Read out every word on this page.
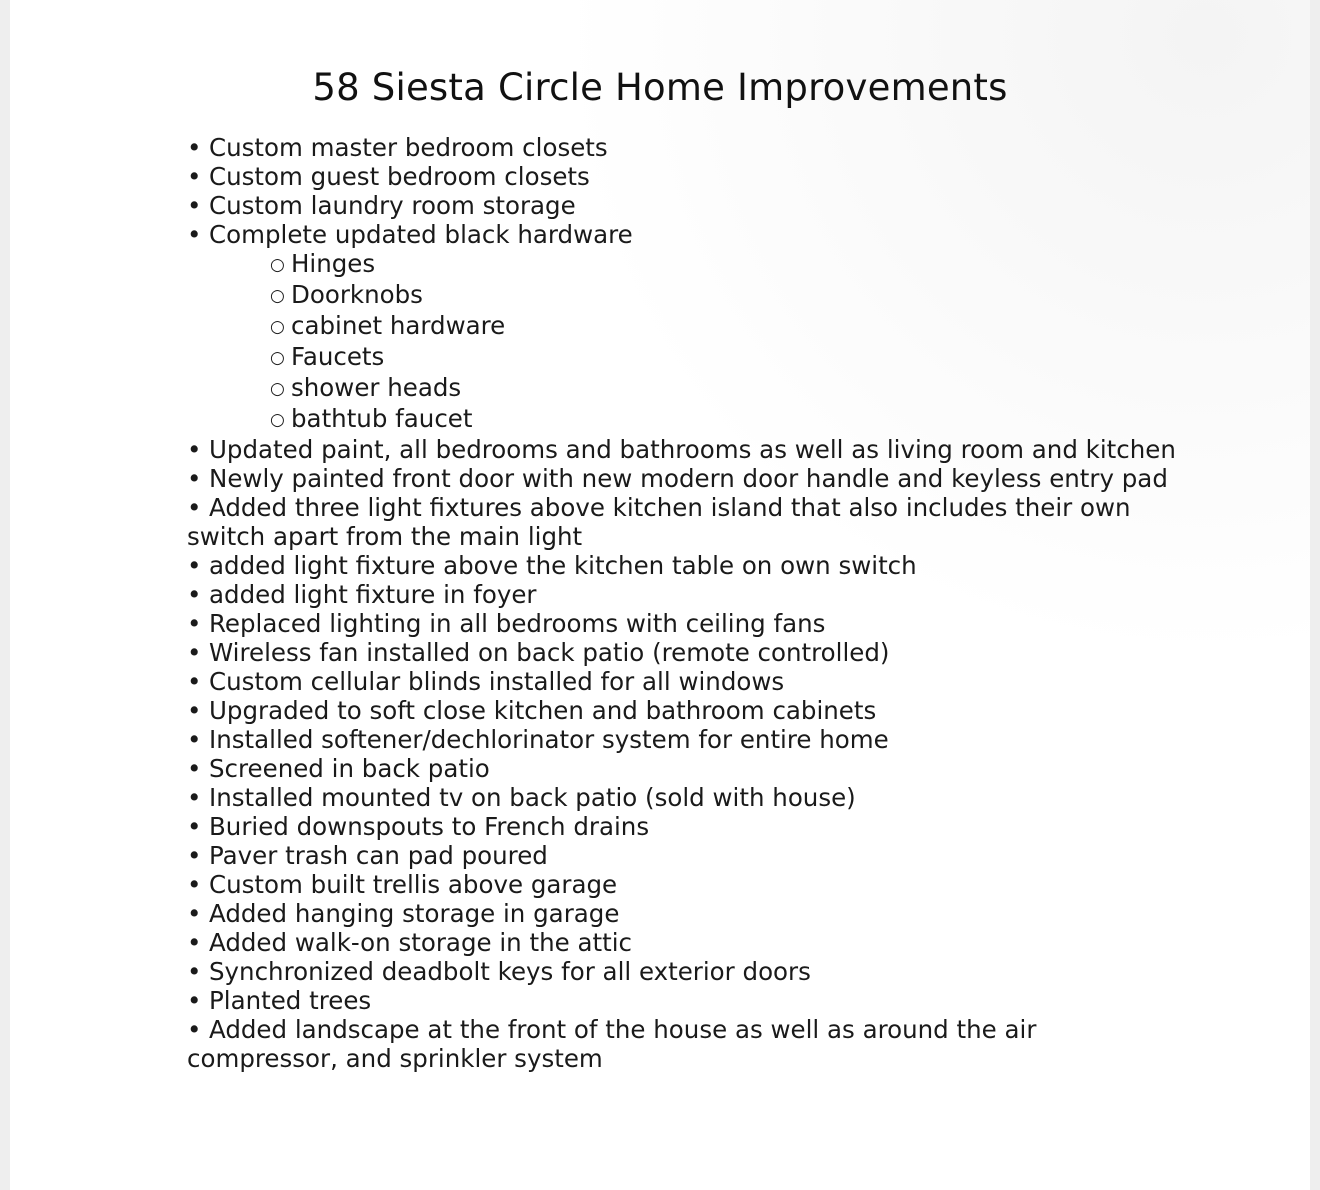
58 Siesta Circle Home Improvements
• Custom master bedroom closets
• Custom guest bedroom closets
• Custom laundry room storage
• Complete updated black hardware
○ Hinges
○ Doorknobs
○ cabinet hardware
○ Faucets
○ shower heads
○ bathtub faucet
• Updated paint, all bedrooms and bathrooms as well as living room and kitchen
• Newly painted front door with new modern door handle and keyless entry pad
• Added three light fixtures above kitchen island that also includes their own switch apart from the main light
• added light fixture above the kitchen table on own switch
• added light fixture in foyer
• Replaced lighting in all bedrooms with ceiling fans
• Wireless fan installed on back patio (remote controlled)
• Custom cellular blinds installed for all windows
• Upgraded to soft close kitchen and bathroom cabinets
• Installed softener/dechlorinator system for entire home
• Screened in back patio
• Installed mounted tv on back patio (sold with house)
• Buried downspouts to French drains
• Paver trash can pad poured
• Custom built trellis above garage
• Added hanging storage in garage
• Added walk-on storage in the attic
• Synchronized deadbolt keys for all exterior doors
• Planted trees
• Added landscape at the front of the house as well as around the air compressor, and sprinkler system
